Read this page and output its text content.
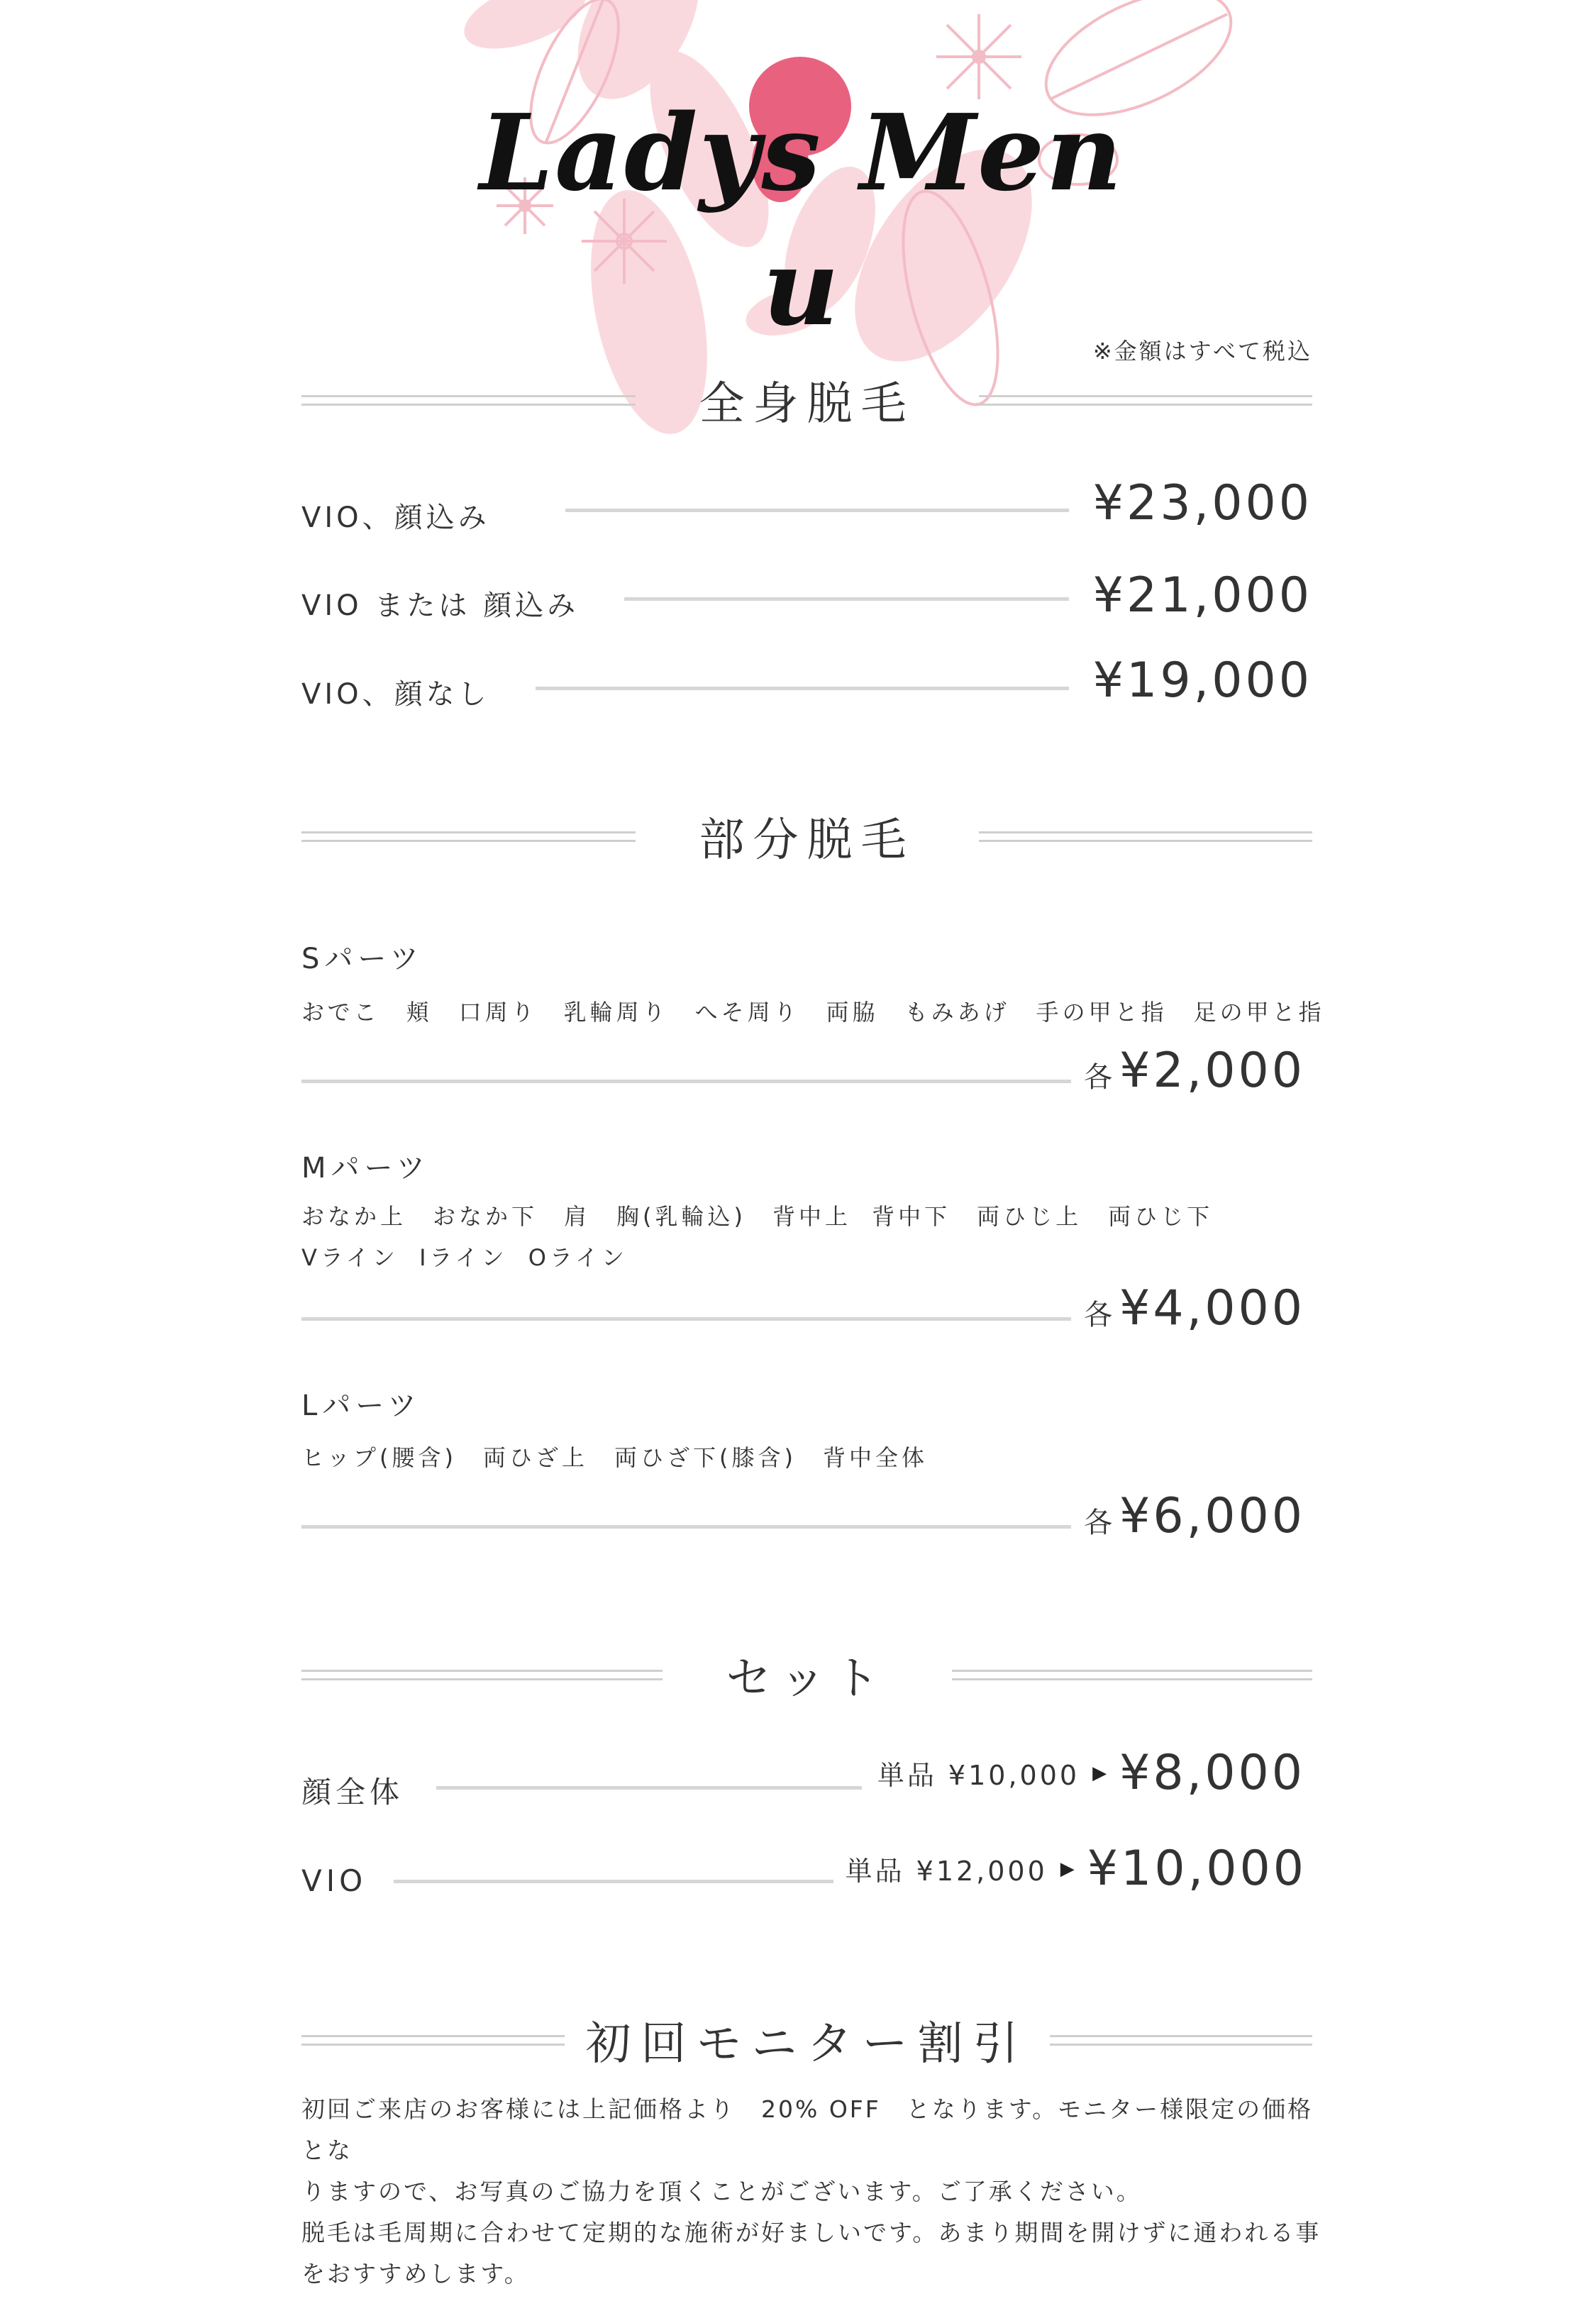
Ladys Men
u
※金額はすべて税込
全身脱毛
VIO、顔込み	¥23,000
VIO または 顔込み	¥21,000
VIO、顔なし	¥19,000
部分脱毛
Sパーツ
おでこ　頬　口周り　乳輪周り　へそ周り　両脇　もみあげ　手の甲と指　足の甲と指
各¥2,000
Mパーツ
おなか上　おなか下　肩　胸(乳輪込)　背中上 背中下　両ひじ上　両ひじ下
Vライン Iライン Oライン
各¥4,000
Lパーツ
ヒップ(腰含)　両ひざ上　両ひざ下(膝含)　背中全体
各¥6,000
セット
顔全体	単品 ¥10,000 ▶ ¥8,000
VIO	単品 ¥12,000 ▶ ¥10,000
初回モニター割引

初回ご来店のお客様には上記価格より　20% OFF　となります。モニター様限定の価格とな

りますので、お写真のご協力を頂くことがございます。ご了承ください。

脱毛は毛周期に合わせて定期的な施術が好ましいです。あまり期間を開けずに通われる事

をおすすめします。
